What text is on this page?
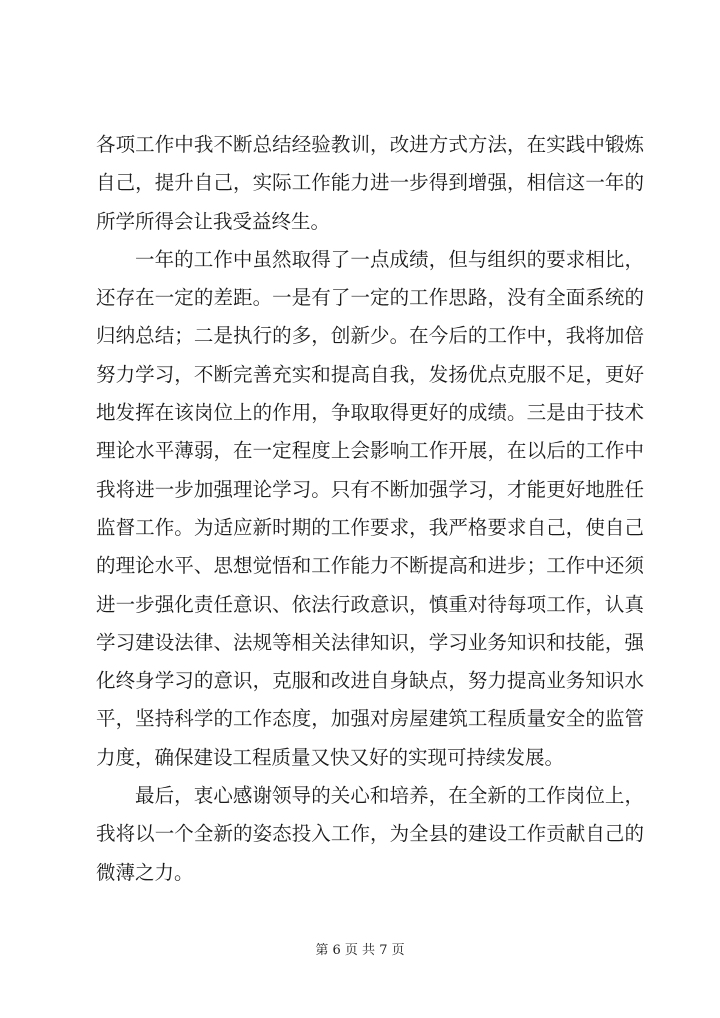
各项工作中我不断总结经验教训，改进方式方法，在实践中锻炼
自己，提升自己，实际工作能力进一步得到增强，相信这一年的
所学所得会让我受益终生。
一年的工作中虽然取得了一点成绩，但与组织的要求相比，
还存在一定的差距。一是有了一定的工作思路，没有全面系统的
归纳总结；二是执行的多，创新少。在今后的工作中，我将加倍
努力学习，不断完善充实和提高自我，发扬优点克服不足，更好
地发挥在该岗位上的作用，争取取得更好的成绩。三是由于技术
理论水平薄弱，在一定程度上会影响工作开展，在以后的工作中
我将进一步加强理论学习。只有不断加强学习，才能更好地胜任
监督工作。为适应新时期的工作要求，我严格要求自己，使自己
的理论水平、思想觉悟和工作能力不断提高和进步；工作中还须
进一步强化责任意识、依法行政意识，慎重对待每项工作，认真
学习建设法律、法规等相关法律知识，学习业务知识和技能，强
化终身学习的意识，克服和改进自身缺点，努力提高业务知识水
平，坚持科学的工作态度，加强对房屋建筑工程质量安全的监管
力度，确保建设工程质量又快又好的实现可持续发展。
最后，衷心感谢领导的关心和培养，在全新的工作岗位上，
我将以一个全新的姿态投入工作，为全县的建设工作贡献自己的
微薄之力。
第 6 页 共 7 页
